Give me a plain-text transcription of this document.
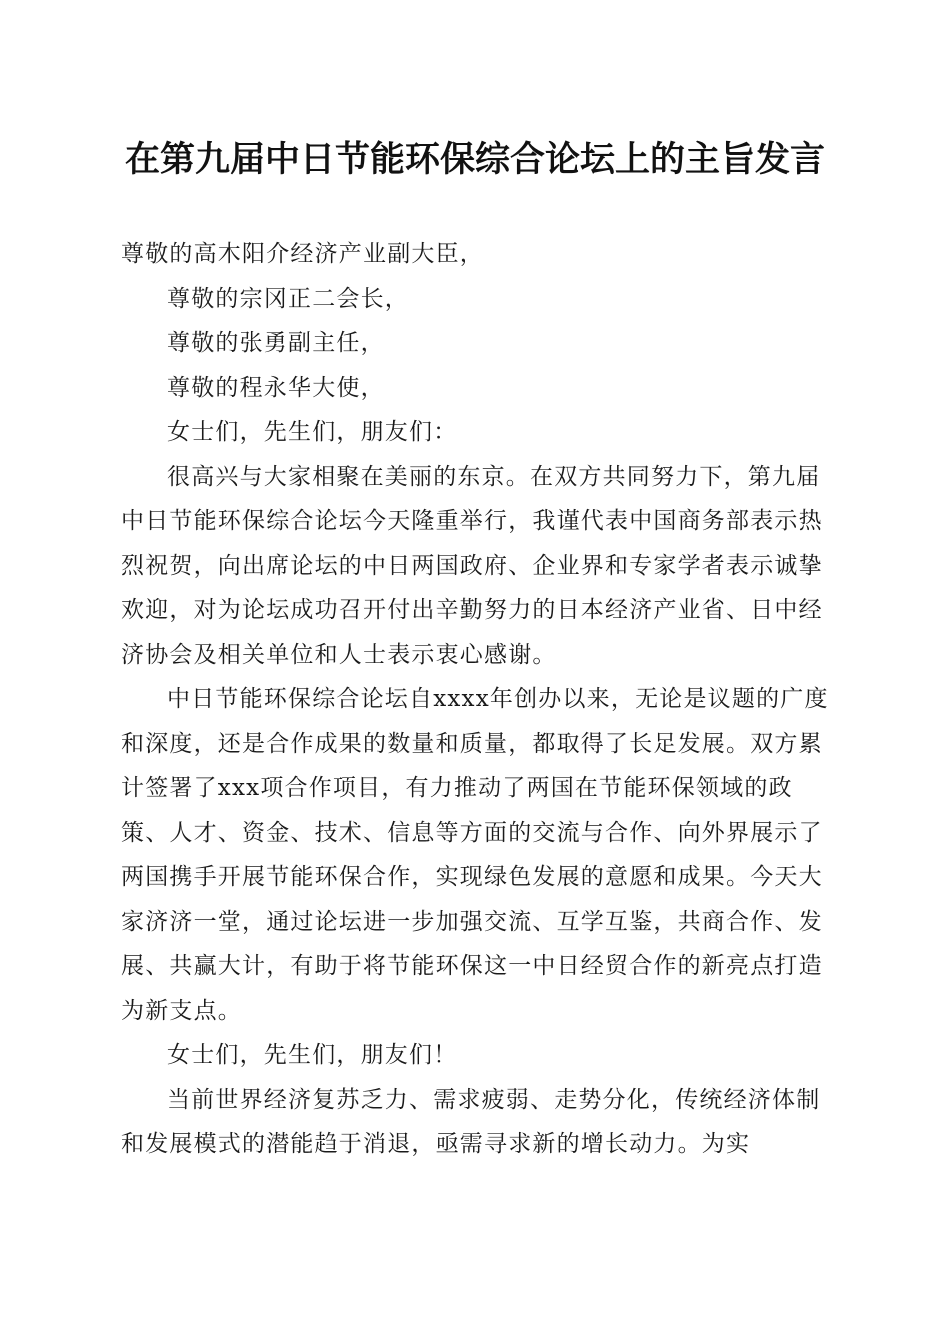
在第九届中日节能环保综合论坛上的主旨发言

尊敬的高木阳介经济产业副大臣，

尊敬的宗冈正二会长，

尊敬的张勇副主任，

尊敬的程永华大使，

女士们，先生们，朋友们：

很高兴与大家相聚在美丽的东京。在双方共同努力下，第九届中日节能环保综合论坛今天隆重举行，我谨代表中国商务部表示热烈祝贺，向出席论坛的中日两国政府、企业界和专家学者表示诚挚欢迎，对为论坛成功召开付出辛勤努力的日本经济产业省、日中经济协会及相关单位和人士表示衷心感谢。

中日节能环保综合论坛自xxxx年创办以来，无论是议题的广度和深度，还是合作成果的数量和质量，都取得了长足发展。双方累计签署了xxx项合作项目，有力推动了两国在节能环保领域的政策、人才、资金、技术、信息等方面的交流与合作、向外界展示了两国携手开展节能环保合作，实现绿色发展的意愿和成果。今天大家济济一堂，通过论坛进一步加强交流、互学互鉴，共商合作、发展、共赢大计，有助于将节能环保这一中日经贸合作的新亮点打造为新支点。

女士们，先生们，朋友们！

当前世界经济复苏乏力、需求疲弱、走势分化，传统经济体制和发展模式的潜能趋于消退，亟需寻求新的增长动力。为实
